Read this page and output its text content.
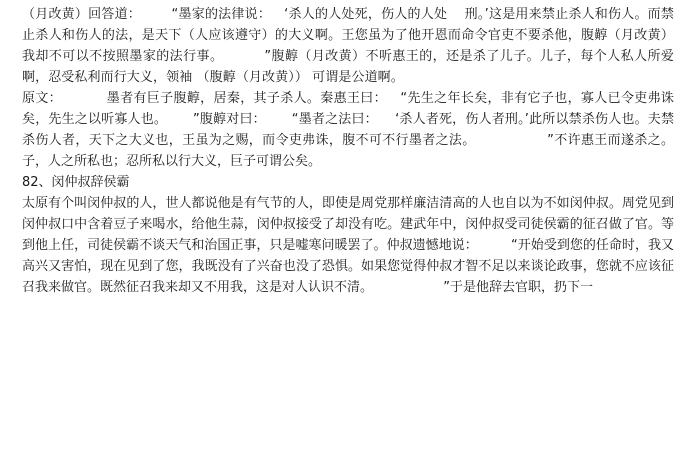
（月改黄）回答道：       “墨家的法律说：   ‘杀人的人处死，伤人的人处    刑。’这是用来禁止杀人和伤人。而禁止杀人和伤人的法，是天下（人应该遵守）的大义啊。王您虽为了他开恩而命令官吏不要杀他，腹䵍（月改黄）我却不可以不按照墨家的法行事。         ”腹䵍（月改黄）不听惠王的，还是杀了儿子。儿子，每个人私人所爱啊，忍受私利而行大义，领袖 （腹䵍（月改黄）） 可谓是公道啊。
原文：          墨者有巨子腹䵍，居秦，其子杀人。秦惠王曰：   “先生之年长矣，非有它子也，寡人已令吏弗诛矣，先生之以听寡人也。      ”腹䵍对曰：      “墨者之法曰：    ‘杀人者死，伤人者刑。’此所以禁杀伤人也。夫禁杀伤人者，天下之大义也，王虽为之赐，而令吏弗诛，腹不可不行墨者之法。                ”不许惠王而遂杀之。子，人之所私也；忍所私以行大义，巨子可谓公矣。
82、闵仲叔辞侯霸
太原有个叫闵仲叔的人，世人都说他是有气节的人，即使是周党那样廉洁清高的人也自以为不如闵仲叔。周党见到闵仲叔口中含着豆子来喝水，给他生蒜，闵仲叔接受了却没有吃。建武年中，闵仲叔受司徒侯霸的征召做了官。等到他上任，司徒侯霸不谈天气和治国正事，只是嘘寒问暖罢了。仲叔遗憾地说：        “开始受到您的任命时，我又高兴又害怕，现在见到了您，我既没有了兴奋也没了恐惧。如果您觉得仲叔才智不足以来谈论政事，您就不应该征召我来做官。既然征召我来却又不用我，这是对人认识不清。                 ”于是他辞去官职，扔下一
